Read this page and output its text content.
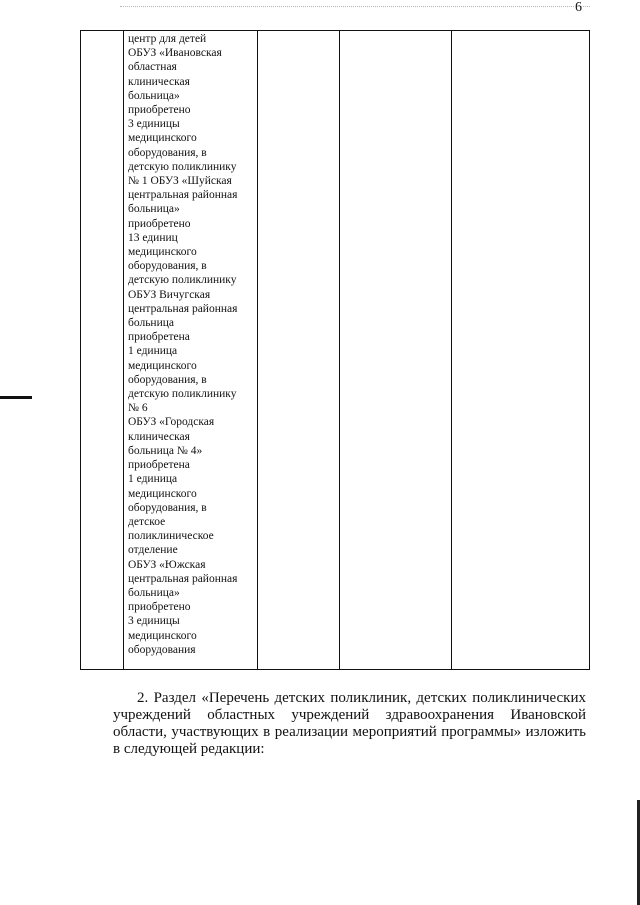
6
центр для детей
ОБУЗ «Ивановская
областная
клиническая
больница»
приобретено
3 единицы
медицинского
оборудования, в
детскую поликлинику
№ 1 ОБУЗ «Шуйская
центральная районная
больница»
приобретено
13 единиц
медицинского
оборудования, в
детскую поликлинику
ОБУЗ Вичугская
центральная районная
больница
приобретена
1 единица
медицинского
оборудования, в
детскую поликлинику
№ 6
ОБУЗ «Городская
клиническая
больница № 4»
приобретена
1 единица
медицинского
оборудования, в
детское
поликлиническое
отделение
ОБУЗ «Южская
центральная районная
больница»
приобретено
3 единицы
медицинского
оборудования
2. Раздел «Перечень детских поликлиник, детских поликлинических учреждений областных учреждений здравоохранения Ивановской области, участвующих в реализации мероприятий программы» изложить в следующей редакции:
